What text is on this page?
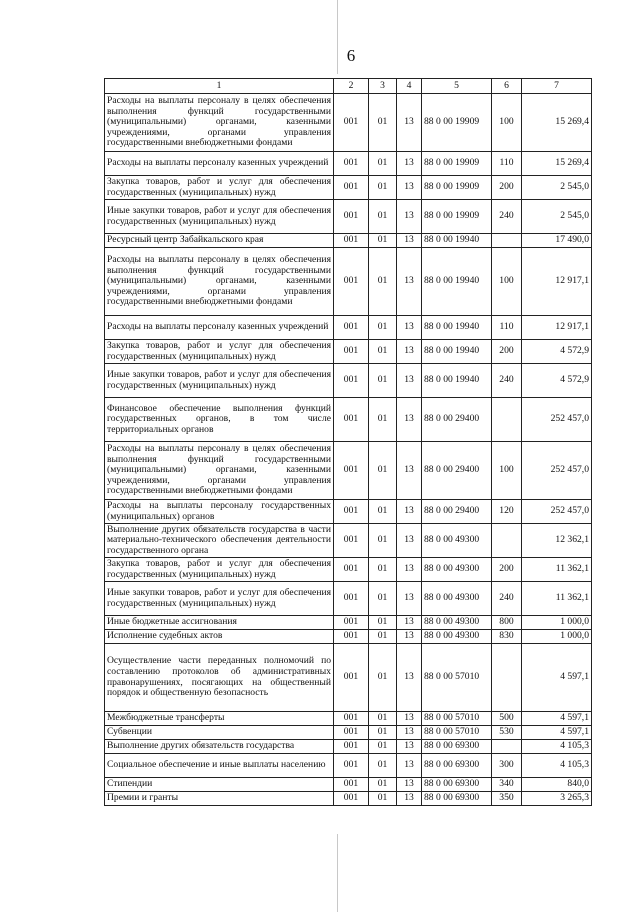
6
1	2	3	4	5	6	7
Расходы на выплаты персоналу в целях обеспечения выполнения функций государственными (муниципальными) органами, казенными учреждениями, органами управления государственными внебюджетными фондами	001	01	13	88 0 00 19909	100	15 269,4
Расходы на выплаты персоналу казенных учреждений	001	01	13	88 0 00 19909	110	15 269,4
Закупка товаров, работ и услуг для обеспечения государственных (муниципальных) нужд	001	01	13	88 0 00 19909	200	2 545,0
Иные закупки товаров, работ и услуг для обеспечения государственных (муниципальных) нужд	001	01	13	88 0 00 19909	240	2 545,0
Ресурсный центр Забайкальского края	001	01	13	88 0 00 19940		17 490,0
Расходы на выплаты персоналу в целях обеспечения выполнения функций государственными (муниципальными) органами, казенными учреждениями, органами управления государственными внебюджетными фондами	001	01	13	88 0 00 19940	100	12 917,1
Расходы на выплаты персоналу казенных учреждений	001	01	13	88 0 00 19940	110	12 917,1
Закупка товаров, работ и услуг для обеспечения государственных (муниципальных) нужд	001	01	13	88 0 00 19940	200	4 572,9
Иные закупки товаров, работ и услуг для обеспечения государственных (муниципальных) нужд	001	01	13	88 0 00 19940	240	4 572,9
Финансовое обеспечение выполнения функций государственных органов, в том числе территориальных органов	001	01	13	88 0 00 29400		252 457,0
Расходы на выплаты персоналу в целях обеспечения выполнения функций государственными (муниципальными) органами, казенными учреждениями, органами управления государственными внебюджетными фондами	001	01	13	88 0 00 29400	100	252 457,0
Расходы на выплаты персоналу государственных (муниципальных) органов	001	01	13	88 0 00 29400	120	252 457,0
Выполнение других обязательств государства в части материально-технического обеспечения деятельности государственного органа	001	01	13	88 0 00 49300		12 362,1
Закупка товаров, работ и услуг для обеспечения государственных (муниципальных) нужд	001	01	13	88 0 00 49300	200	11 362,1
Иные закупки товаров, работ и услуг для обеспечения государственных (муниципальных) нужд	001	01	13	88 0 00 49300	240	11 362,1
Иные бюджетные ассигнования	001	01	13	88 0 00 49300	800	1 000,0
Исполнение судебных актов	001	01	13	88 0 00 49300	830	1 000,0
Осуществление части переданных полномочий по составлению протоколов об административных правонарушениях, посягающих на общественный порядок и общественную безопасность	001	01	13	88 0 00 57010		4 597,1
Межбюджетные трансферты	001	01	13	88 0 00 57010	500	4 597,1
Субвенции	001	01	13	88 0 00 57010	530	4 597,1
Выполнение других обязательств государства	001	01	13	88 0 00 69300		4 105,3
Социальное обеспечение и иные выплаты населению	001	01	13	88 0 00 69300	300	4 105,3
Стипендии	001	01	13	88 0 00 69300	340	840,0
Премии и гранты	001	01	13	88 0 00 69300	350	3 265,3
